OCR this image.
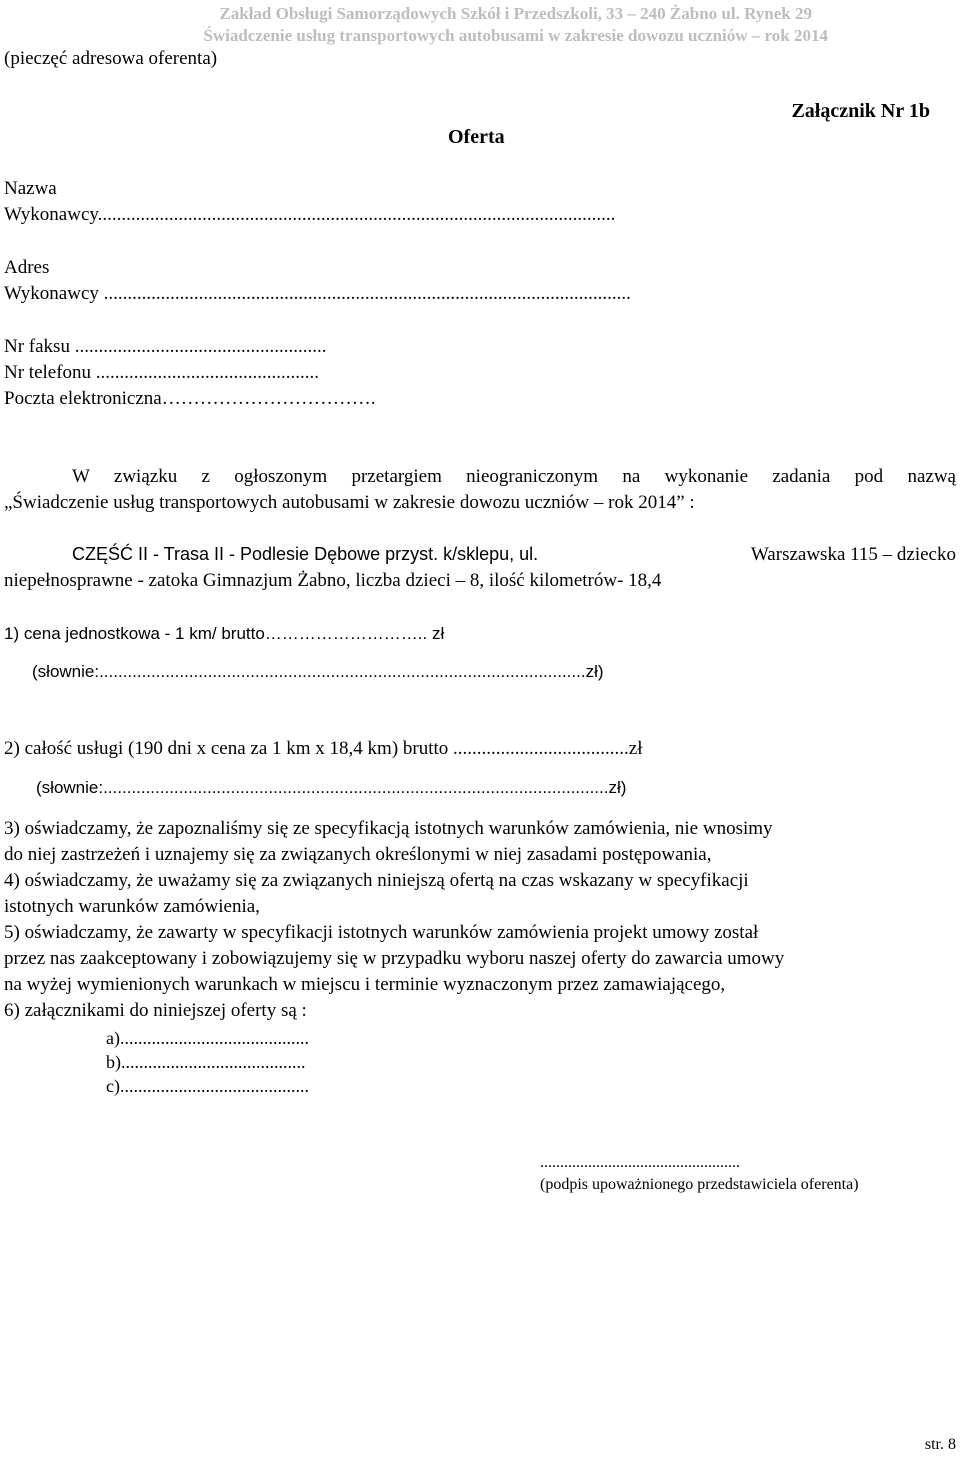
Zakład Obsługi Samorządowych Szkół i Przedszkoli, 33 – 240 Żabno ul. Rynek 29
Świadczenie usług transportowych autobusami w zakresie dowozu uczniów – rok 2014
(pieczęć adresowa oferenta)
Załącznik Nr 1b
Oferta
Nazwa
Wykonawcy.............................................................................................................
Adres
Wykonawcy ...............................................................................................................
Nr faksu .....................................................
Nr telefonu ...............................................
Poczta elektroniczna…………………………….
W związku z ogłoszonym przetargiem nieograniczonym na wykonanie zadania pod nazwą
„Świadczenie usług transportowych autobusami w zakresie dowozu uczniów – rok 2014” :
CZĘŚĆ II - Trasa II - Podlesie Dębowe przyst. k/sklepu, ul.	Warszawska 115 – dziecko
niepełnosprawne - zatoka Gimnazjum Żabno, liczba dzieci – 8, ilość kilometrów- 18,4
1) cena jednostkowa - 1 km/ brutto……………………….. zł
(słownie:.......................................................................................................zł)
2) całość usługi (190 dni x cena za 1 km x 18,4 km) brutto .....................................zł
(słownie:...........................................................................................................zł)
3) oświadczamy, że zapoznaliśmy się ze specyfikacją istotnych warunków zamówienia, nie wnosimy
do niej zastrzeżeń i uznajemy się za związanych określonymi w niej zasadami postępowania,
4) oświadczamy, że uważamy się za związanych niniejszą ofertą na czas wskazany w specyfikacji
istotnych warunków zamówienia,
5) oświadczamy, że zawarty w specyfikacji istotnych warunków zamówienia projekt umowy został
przez nas zaakceptowany i zobowiązujemy się w przypadku wyboru naszej oferty do zawarcia umowy
na wyżej wymienionych warunkach w miejscu i terminie wyznaczonym przez zamawiającego,
6) załącznikami do niniejszej oferty są :
a)..........................................
b).........................................
c)..........................................
..................................................
(podpis upoważnionego przedstawiciela oferenta)
str. 8
